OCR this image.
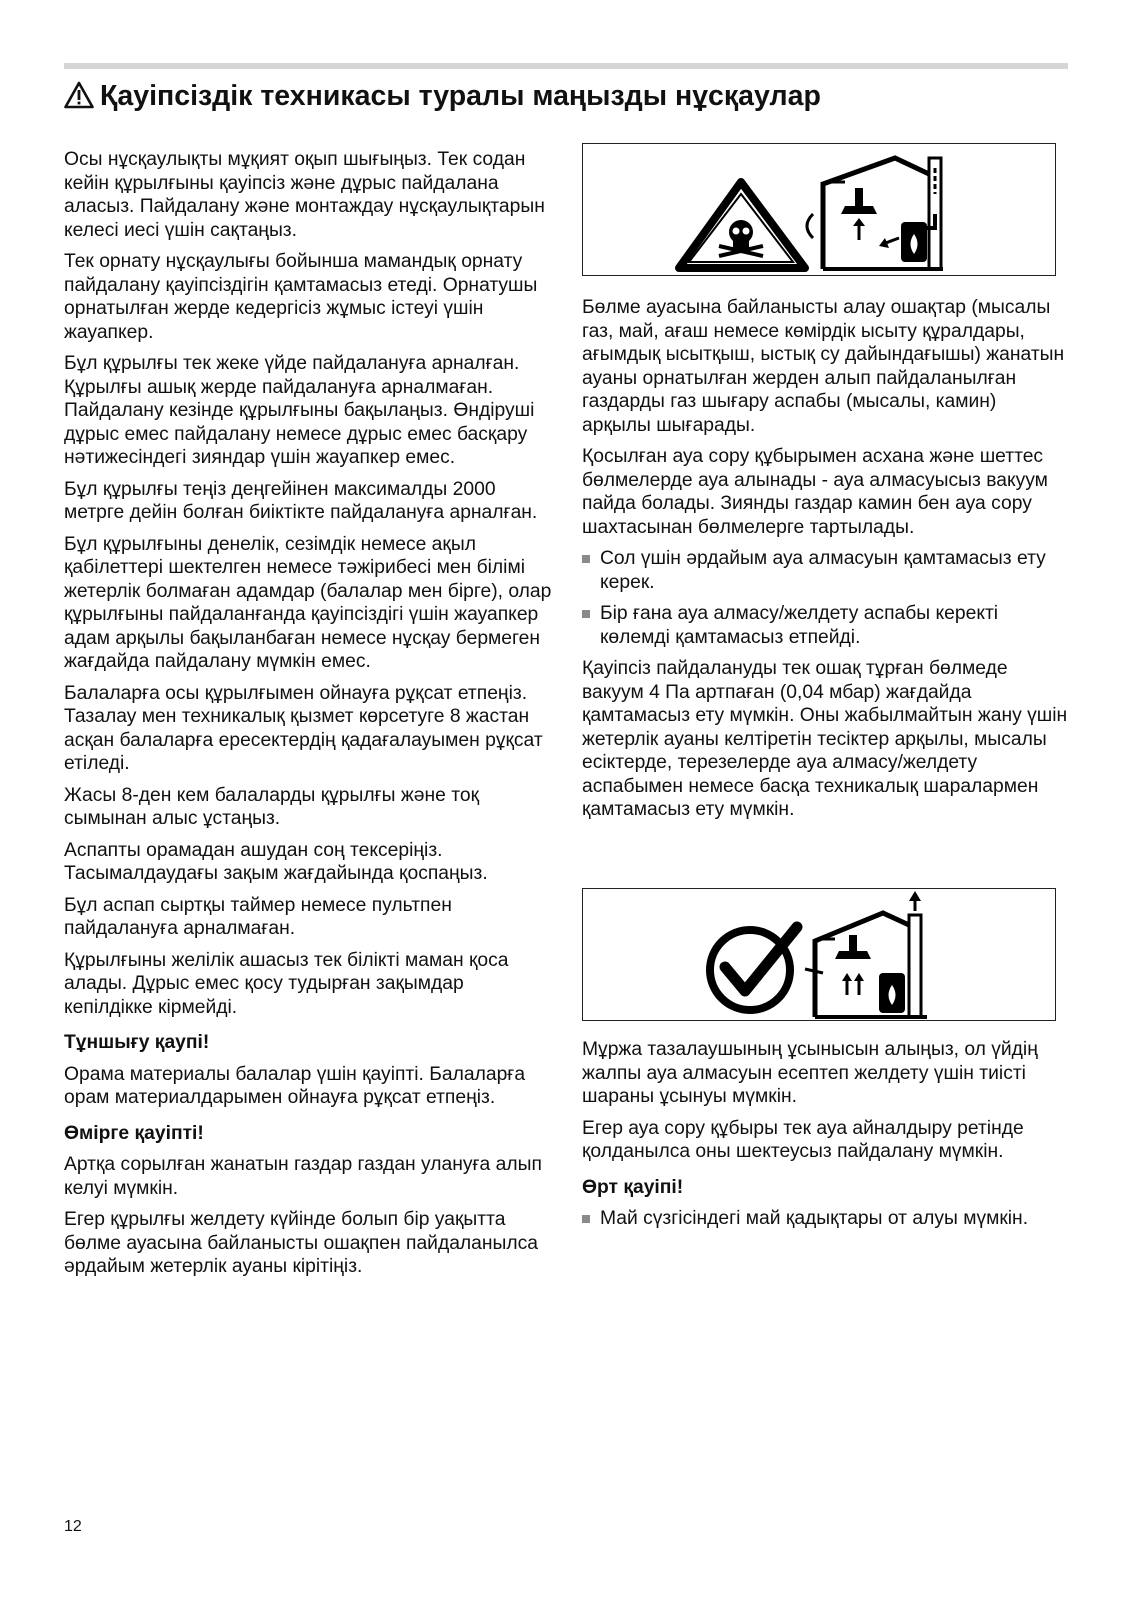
Қауіпсіздік техникасы туралы маңызды нұсқаулар

Осы нұсқаулықты мұқият оқып шығыңыз. Тек содан кейін құрылғыны қауіпсіз және дұрыс пайдалана аласыз. Пайдалану және монтаждау нұсқаулықтарын келесі иесі үшін сақтаңыз.

Тек орнату нұсқаулығы бойынша мамандық орнату пайдалану қауіпсіздігін қамтамасыз етеді. Орнатушы орнатылған жерде кедергісіз жұмыс істеуі үшін жауапкер.

Бұл құрылғы тек жеке үйде пайдалануға арналған. Құрылғы ашық жерде пайдалануға арналмаған. Пайдалану кезінде құрылғыны бақылаңыз. Өндіруші дұрыс емес пайдалану немесе дұрыс емес басқару нәтижесіндегі зияндар үшін жауапкер емес.

Бұл құрылғы теңіз деңгейінен максималды 2000 метрге дейін болған биіктікте пайдалануға арналған.

Бұл құрылғыны денелік, сезімдік немесе ақыл қабілеттері шектелген немесе тәжірибесі мен білімі жетерлік болмаған адамдар (балалар мен бірге), олар құрылғыны пайдаланғанда қауіпсіздігі үшін жауапкер адам арқылы бақыланбаған немесе нұсқау бермеген жағдайда пайдалану мүмкін емес.

Балаларға осы құрылғымен ойнауға рұқсат етпеңіз. Тазалау мен техникалық қызмет көрсетуге 8 жастан асқан балаларға ересектердің қадағалауымен рұқсат етіледі.

Жасы 8-ден кем балаларды құрылғы және тоқ сымынан алыс ұстаңыз.

Аспапты орамадан ашудан соң тексеріңіз. Тасымалдаудағы зақым жағдайында қоспаңыз.

Бұл аспап сыртқы таймер немесе пультпен пайдалануға арналмаған.

Құрылғыны желілік ашасыз тек білікті маман қоса алады. Дұрыс емес қосу тудырған зақымдар кепілдікке кірмейді.

Тұншығу қаупі!

Орама материалы балалар үшін қауіпті. Балаларға орам материалдарымен ойнауға рұқсат етпеңіз.

Өмірге қауіпті!

Артқа сорылған жанатын газдар газдан улануға алып келуі мүмкін.

Егер құрылғы желдету күйінде болып бір уақытта бөлме ауасына байланысты ошақпен пайдаланылса әрдайым жетерлік ауаны кірітіңіз.

Бөлме ауасына байланысты алау ошақтар (мысалы газ, май, ағаш немесе көмірдік ысыту құралдары, ағымдық ысытқыш, ыстық су дайындағышы) жанатын ауаны орнатылған жерден алып пайдаланылған газдарды газ шығару аспабы (мысалы, камин) арқылы шығарады.

Қосылған ауа сору құбырымен асхана және шеттес бөлмелерде ауа алынады - ауа алмасуысыз вакуум пайда болады. Зиянды газдар камин бен ауа сору шахтасынан бөлмелерге тартылады.

Сол үшін әрдайым ауа алмасуын қамтамасыз ету керек.
Бір ғана ауа алмасу/желдету аспабы керекті көлемді қамтамасыз етпейді.

Қауіпсіз пайдалануды тек ошақ тұрған бөлмеде вакуум 4 Па артпаған (0,04 мбар) жағдайда қамтамасыз ету мүмкін. Оны жабылмайтын жану үшін жетерлік ауаны келтіретін тесіктер арқылы, мысалы есіктерде, терезелерде ауа алмасу/желдету аспабымен немесе басқа техникалық шаралармен қамтамасыз ету мүмкін.

Мұржа тазалаушының ұсынысын алыңыз, ол үйдің жалпы ауа алмасуын есептеп желдету үшін тиісті шараны ұсынуы мүмкін.

Егер ауа сору құбыры тек ауа айналдыру ретінде қолданылса оны шектеусыз пайдалану мүмкін.

Өрт қауіпі!
Май сүзгісіндегі май қадықтары от алуы мүмкін.
12
